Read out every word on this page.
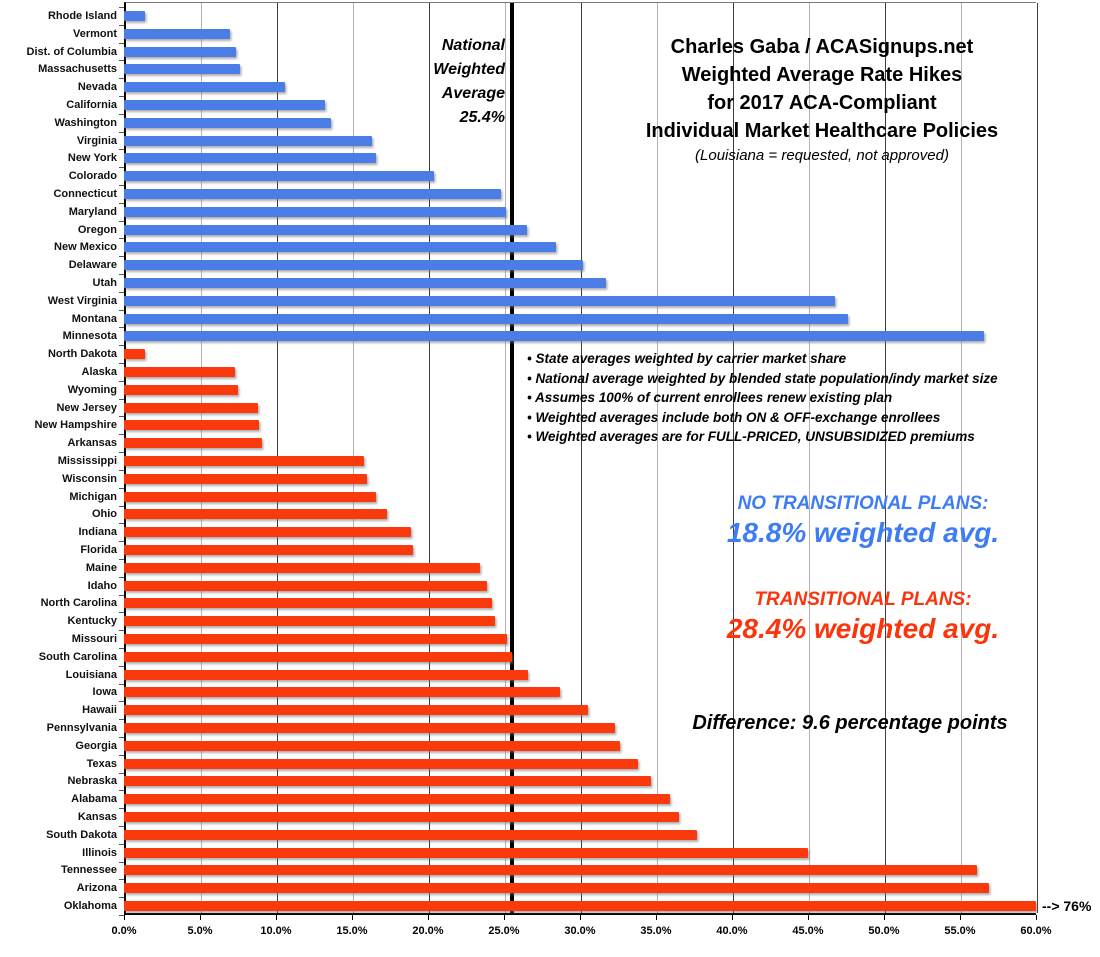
National
Weighted
Average
25.4%
Charles Gaba / ACASignups.net
Weighted Average Rate Hikes
for 2017 ACA-Compliant
Individual Market Healthcare Policies
(Louisiana = requested, not approved)
• State averages weighted by carrier market share
• National average weighted by blended state population/indy market size
• Assumes 100% of current enrollees renew existing plan
• Weighted averages include both ON & OFF-exchange enrollees
• Weighted averages are for FULL-PRICED, UNSUBSIDIZED premiums
NO TRANSITIONAL PLANS:
18.8% weighted avg.
TRANSITIONAL PLANS:
28.4% weighted avg.
Difference: 9.6 percentage points
Rhode Island
Vermont
Dist. of Columbia
Massachusetts
Nevada
California
Washington
Virginia
New York
Colorado
Connecticut
Maryland
Oregon
New Mexico
Delaware
Utah
West Virginia
Montana
Minnesota
North Dakota
Alaska
Wyoming
New Jersey
New Hampshire
Arkansas
Mississippi
Wisconsin
Michigan
Ohio
Indiana
Florida
Maine
Idaho
North Carolina
Kentucky
Missouri
South Carolina
Louisiana
Iowa
Hawaii
Pennsylvania
Georgia
Texas
Nebraska
Alabama
Kansas
South Dakota
Illinois
Tennessee
Arizona
Oklahoma	--> 76%
0.0%	5.0%	10.0%	15.0%	20.0%	25.0%	30.0%	35.0%	40.0%	45.0%	50.0%	55.0%	60.0%
